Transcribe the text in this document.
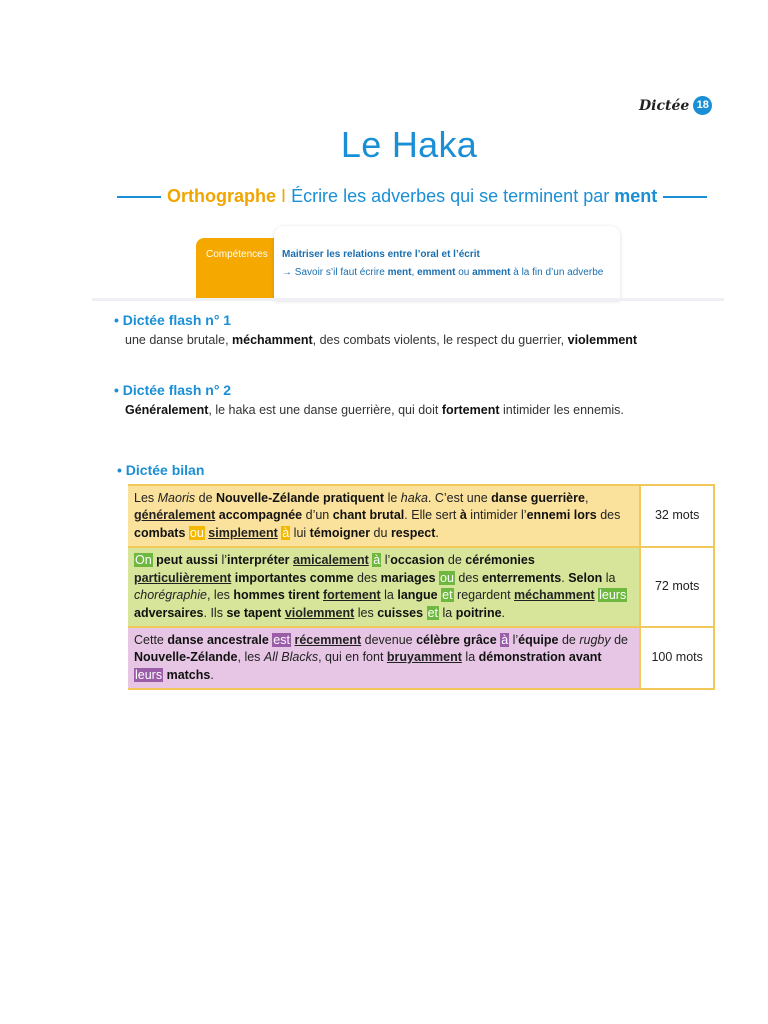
Dictée 18
Le Haka
Orthographe I Écrire les adverbes qui se terminent par ment
Compétences	Maitriser les relations entre l’oral et l’écrit
→ Savoir s’il faut écrire ment, emment ou amment à la fin d’un adverbe
• Dictée flash n° 1
une danse brutale, méchamment, des combats violents, le respect du guerrier, violemment
• Dictée flash n° 2
Généralement, le haka est une danse guerrière, qui doit fortement intimider les ennemis.
• Dictée bilan
Les Maoris de Nouvelle-Zélande pratiquent le haka. C’est une danse guerrière, généralement accompagnée d’un chant brutal. Elle sert à intimider l’ennemi lors des combats ou simplement à lui témoigner du respect.	32 mots
On peut aussi l’interpréter amicalement à l’occasion de cérémonies particulièrement importantes comme des mariages ou des enterrements. Selon la chorégraphie, les hommes tirent fortement la langue et regardent méchamment leurs adversaires. Ils se tapent violemment les cuisses et la poitrine.	72 mots
Cette danse ancestrale est récemment devenue célèbre grâce à l’équipe de rugby de Nouvelle-Zélande, les All Blacks, qui en font bruyamment la démonstration avant leurs matchs.	100 mots
